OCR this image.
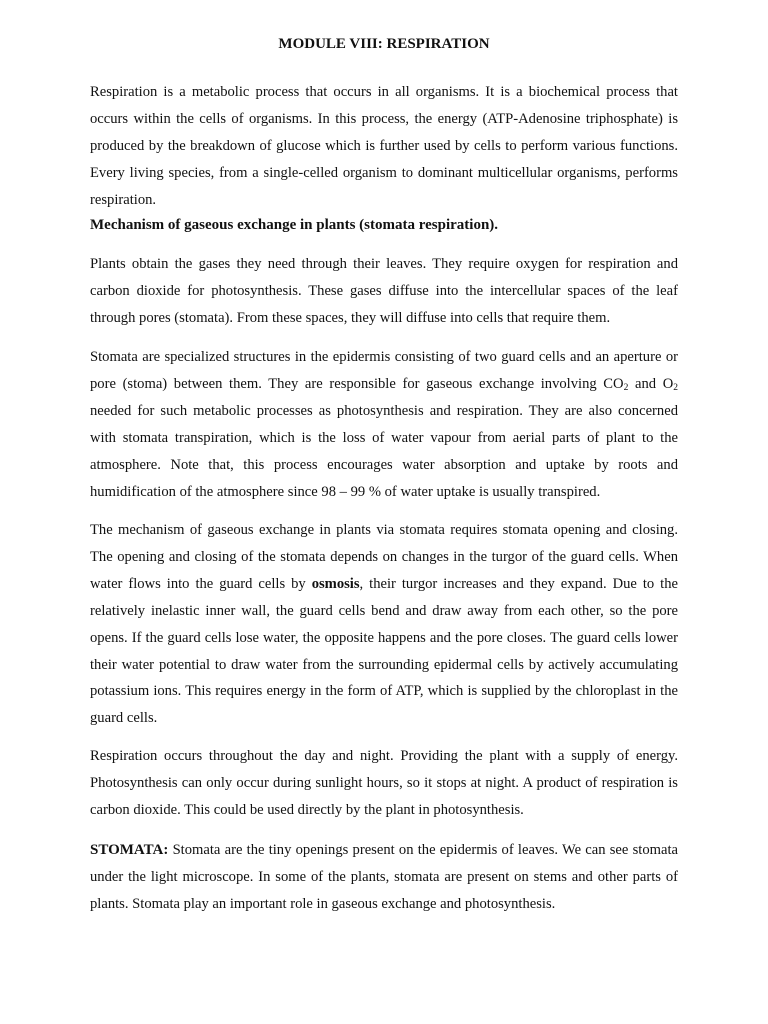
MODULE VIII: RESPIRATION

Respiration is a metabolic process that occurs in all organisms. It is a biochemical process that occurs within the cells of organisms. In this process, the energy (ATP-Adenosine triphosphate) is produced by the breakdown of glucose which is further used by cells to perform various functions. Every living species, from a single-celled organism to dominant multicellular organisms, performs respiration.

Mechanism of gaseous exchange in plants (stomata respiration).

Plants obtain the gases they need through their leaves. They require oxygen for respiration and carbon dioxide for photosynthesis. These gases diffuse into the intercellular spaces of the leaf through pores (stomata). From these spaces, they will diffuse into cells that require them.

Stomata are specialized structures in the epidermis consisting of two guard cells and an aperture or pore (stoma) between them. They are responsible for gaseous exchange involving $CO_2$ and $O_2$ needed for such metabolic processes as photosynthesis and respiration. They are also concerned with stomata transpiration, which is the loss of water vapour from aerial parts of plant to the atmosphere. Note that, this process encourages water absorption and uptake by roots and humidification of the atmosphere since 98 – 99 % of water uptake is usually transpired.

The mechanism of gaseous exchange in plants via stomata requires stomata opening and closing. The opening and closing of the stomata depends on changes in the turgor of the guard cells. When water flows into the guard cells by osmosis, their turgor increases and they expand. Due to the relatively inelastic inner wall, the guard cells bend and draw away from each other, so the pore opens. If the guard cells lose water, the opposite happens and the pore closes. The guard cells lower their water potential to draw water from the surrounding epidermal cells by actively accumulating potassium ions. This requires energy in the form of ATP, which is supplied by the chloroplast in the guard cells.

Respiration occurs throughout the day and night. Providing the plant with a supply of energy. Photosynthesis can only occur during sunlight hours, so it stops at night. A product of respiration is carbon dioxide. This could be used directly by the plant in photosynthesis.

STOMATA: Stomata are the tiny openings present on the epidermis of leaves. We can see stomata under the light microscope. In some of the plants, stomata are present on stems and other parts of plants. Stomata play an important role in gaseous exchange and photosynthesis.
